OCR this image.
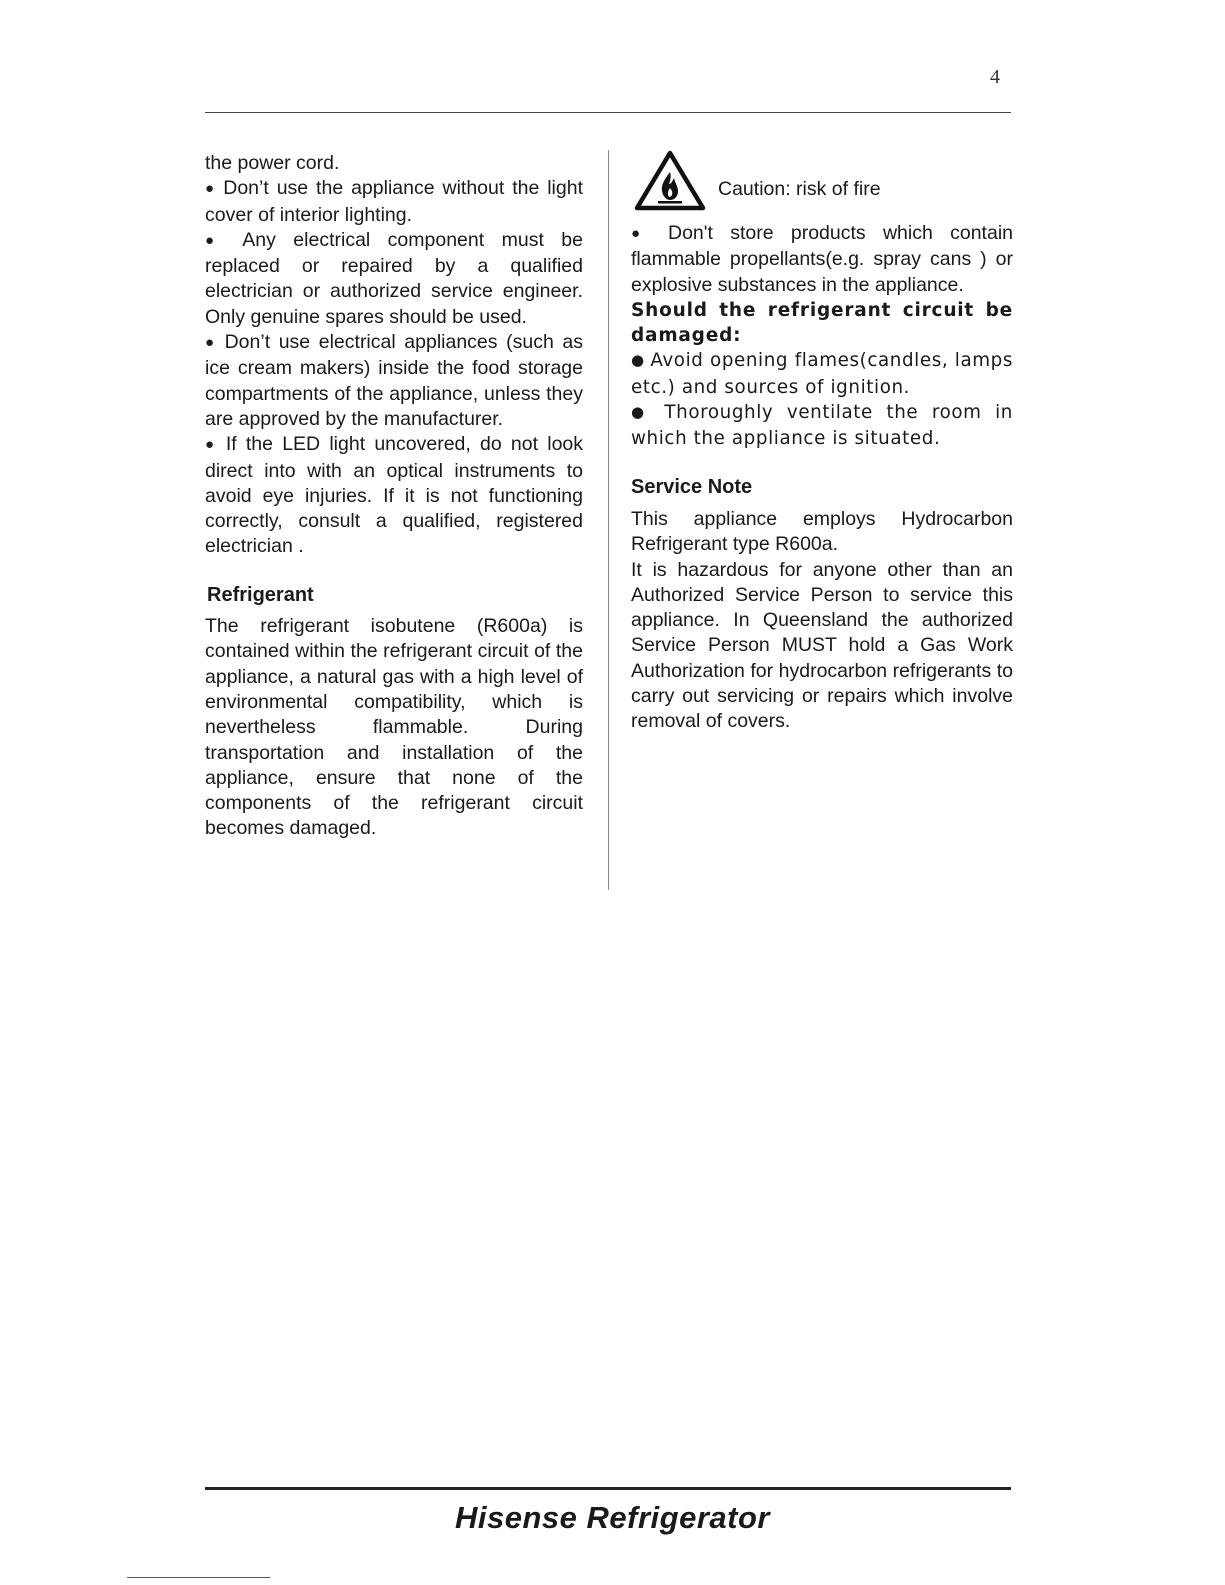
4

the power cord.

● Don’t use the appliance without the light cover of interior lighting.

● Any electrical component must be replaced or repaired by a qualified electrician or authorized service engineer. Only genuine spares should be used.

● Don’t use electrical appliances (such as ice cream makers) inside the food storage compartments of the appliance, unless they are approved by the manufacturer.

● If the LED light uncovered, do not look direct into with an optical instruments to avoid eye injuries. If it is not functioning correctly, consult a qualified, registered electrician .

Refrigerant

The refrigerant isobutene (R600a) is contained within the refrigerant circuit of the appliance, a natural gas with a high level of environmental compatibility, which is nevertheless flammable. During transportation and installation of the appliance, ensure that none of the components of the refrigerant circuit becomes damaged.

Caution: risk of fire

● Don't store products which contain flammable propellants(e.g. spray cans ) or explosive substances in the appliance.

Should the refrigerant circuit be damaged:

● Avoid opening flames(candles, lamps etc.) and sources of ignition.

● Thoroughly ventilate the room in which the appliance is situated.

Service Note

This appliance employs Hydrocarbon Refrigerant type R600a.

It is hazardous for anyone other than an Authorized Service Person to service this appliance. In Queensland the authorized Service Person MUST hold a Gas Work Authorization for hydrocarbon refrigerants to carry out servicing or repairs which involve removal of covers.

Hisense Refrigerator
